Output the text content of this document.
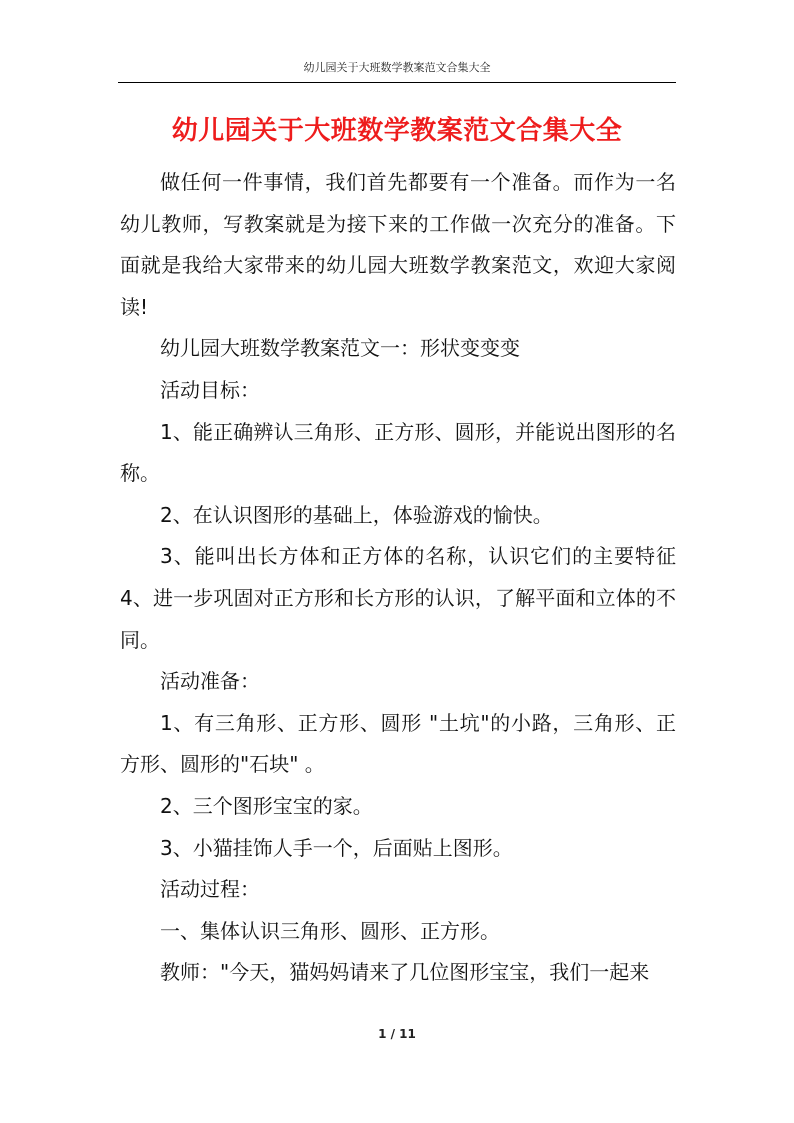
幼儿园关于大班数学教案范文合集大全
幼儿园关于大班数学教案范文合集大全

做任何一件事情，我们首先都要有一个准备。而作为一名幼儿教师，写教案就是为接下来的工作做一次充分的准备。下面就是我给大家带来的幼儿园大班数学教案范文，欢迎大家阅读!

幼儿园大班数学教案范文一：形状变变变

活动目标：

1、能正确辨认三角形、正方形、圆形，并能说出图形的名称。

2、在认识图形的基础上，体验游戏的愉快。

3、能叫出长方体和正方体的名称，认识它们的主要特征 4、进一步巩固对正方形和长方形的认识，了解平面和立体的不同。

活动准备：

1、有三角形、正方形、圆形 "土坑"的小路，三角形、正方形、圆形的"石块" 。

2、三个图形宝宝的家。

3、小猫挂饰人手一个，后面贴上图形。

活动过程：

一、集体认识三角形、圆形、正方形。

教师："今天，猫妈妈请来了几位图形宝宝，我们一起来

1 / 11
